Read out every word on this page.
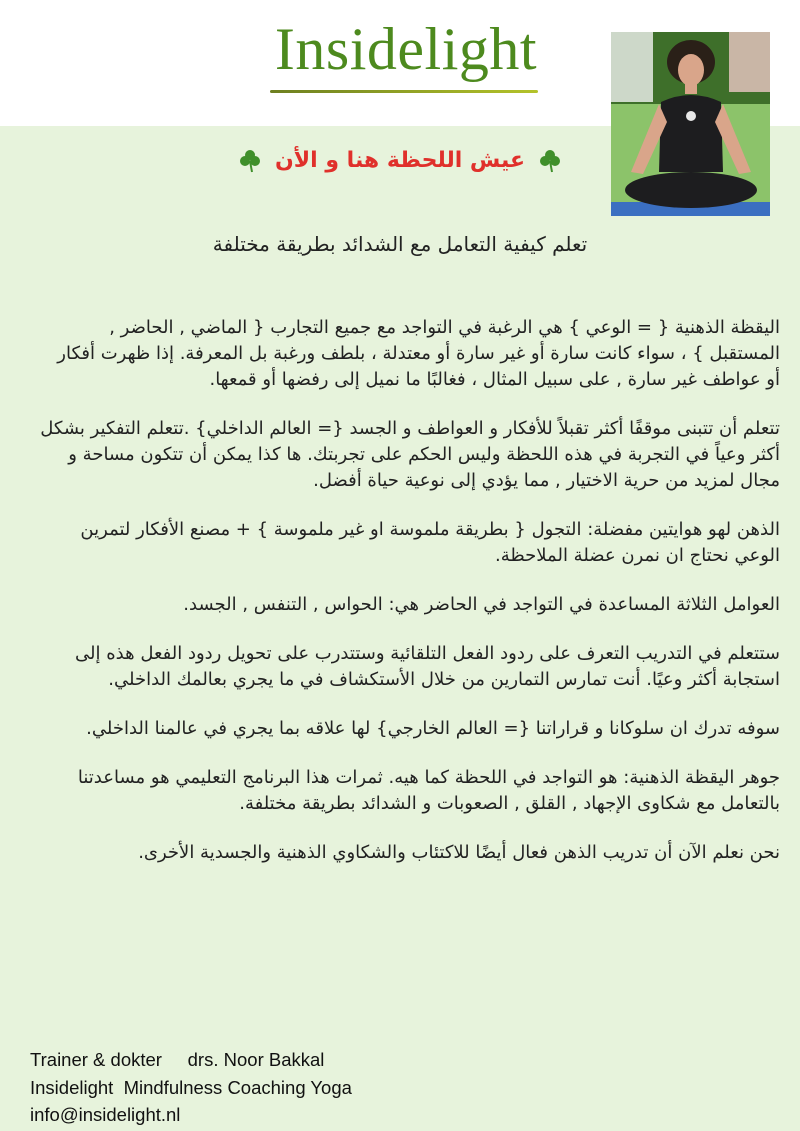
Insidelight
عيش اللحظة هنا و الأن
تعلم كيفية التعامل مع الشدائد بطريقة مختلفة

اليقظة الذهنية { = الوعي } هي الرغبة في التواجد مع جميع التجارب { الماضي , الحاضر , المستقبل } ، سواء كانت سارة أو غير سارة أو معتدلة ، بلطف ورغبة بل المعرفة. إذا ظهرت أفكار أو عواطف غير سارة , على سبيل المثال ، فغالبًا ما نميل إلى رفضها أو قمعها.

تتعلم أن تتبنى موقفًا أكثر تقبلاً للأفكار و العواطف و الجسد {= العالم الداخلي} .تتعلم التفكير بشكل أكثر وعياً في التجربة في هذه اللحظة وليس الحكم على تجربتك. ها كذا يمكن أن تتكون مساحة و مجال لمزيد من حرية الاختيار , مما يؤدي إلى نوعية حياة أفضل.

الذهن لهو هوايتين مفضلة: التجول { بطريقة ملموسة او غير ملموسة } + مصنع الأفكار لتمرين الوعي نحتاج ان نمرن عضلة الملاحظة.

العوامل الثلاثة المساعدة في التواجد في الحاضر هي: الحواس , التنفس , الجسد.

ستتعلم في التدريب التعرف على ردود الفعل التلقائية وستتدرب على تحويل ردود الفعل هذه إلى استجابة أكثر وعيًا. أنت تمارس التمارين من خلال الأستكشاف في ما يجري بعالمك الداخلي.

سوفه تدرك ان سلوكانا و قراراتنا {= العالم الخارجي} لها علاقه بما يجري في عالمنا الداخلي.

جوهر اليقظة الذهنية: هو التواجد في اللحظة كما هيه. ثمرات هذا البرنامج التعليمي هو مساعدتنا بالتعامل مع شكاوى الإجهاد , القلق , الصعوبات و الشدائد بطريقة مختلفة.

نحن نعلم الآن أن تدريب الذهن فعال أيضًا للاكتئاب والشكاوي الذهنية والجسدية الأخرى.

Trainer & dokter     drs. Noor Bakkal
Insidelight  Mindfulness Coaching Yoga
info@insidelight.nl
